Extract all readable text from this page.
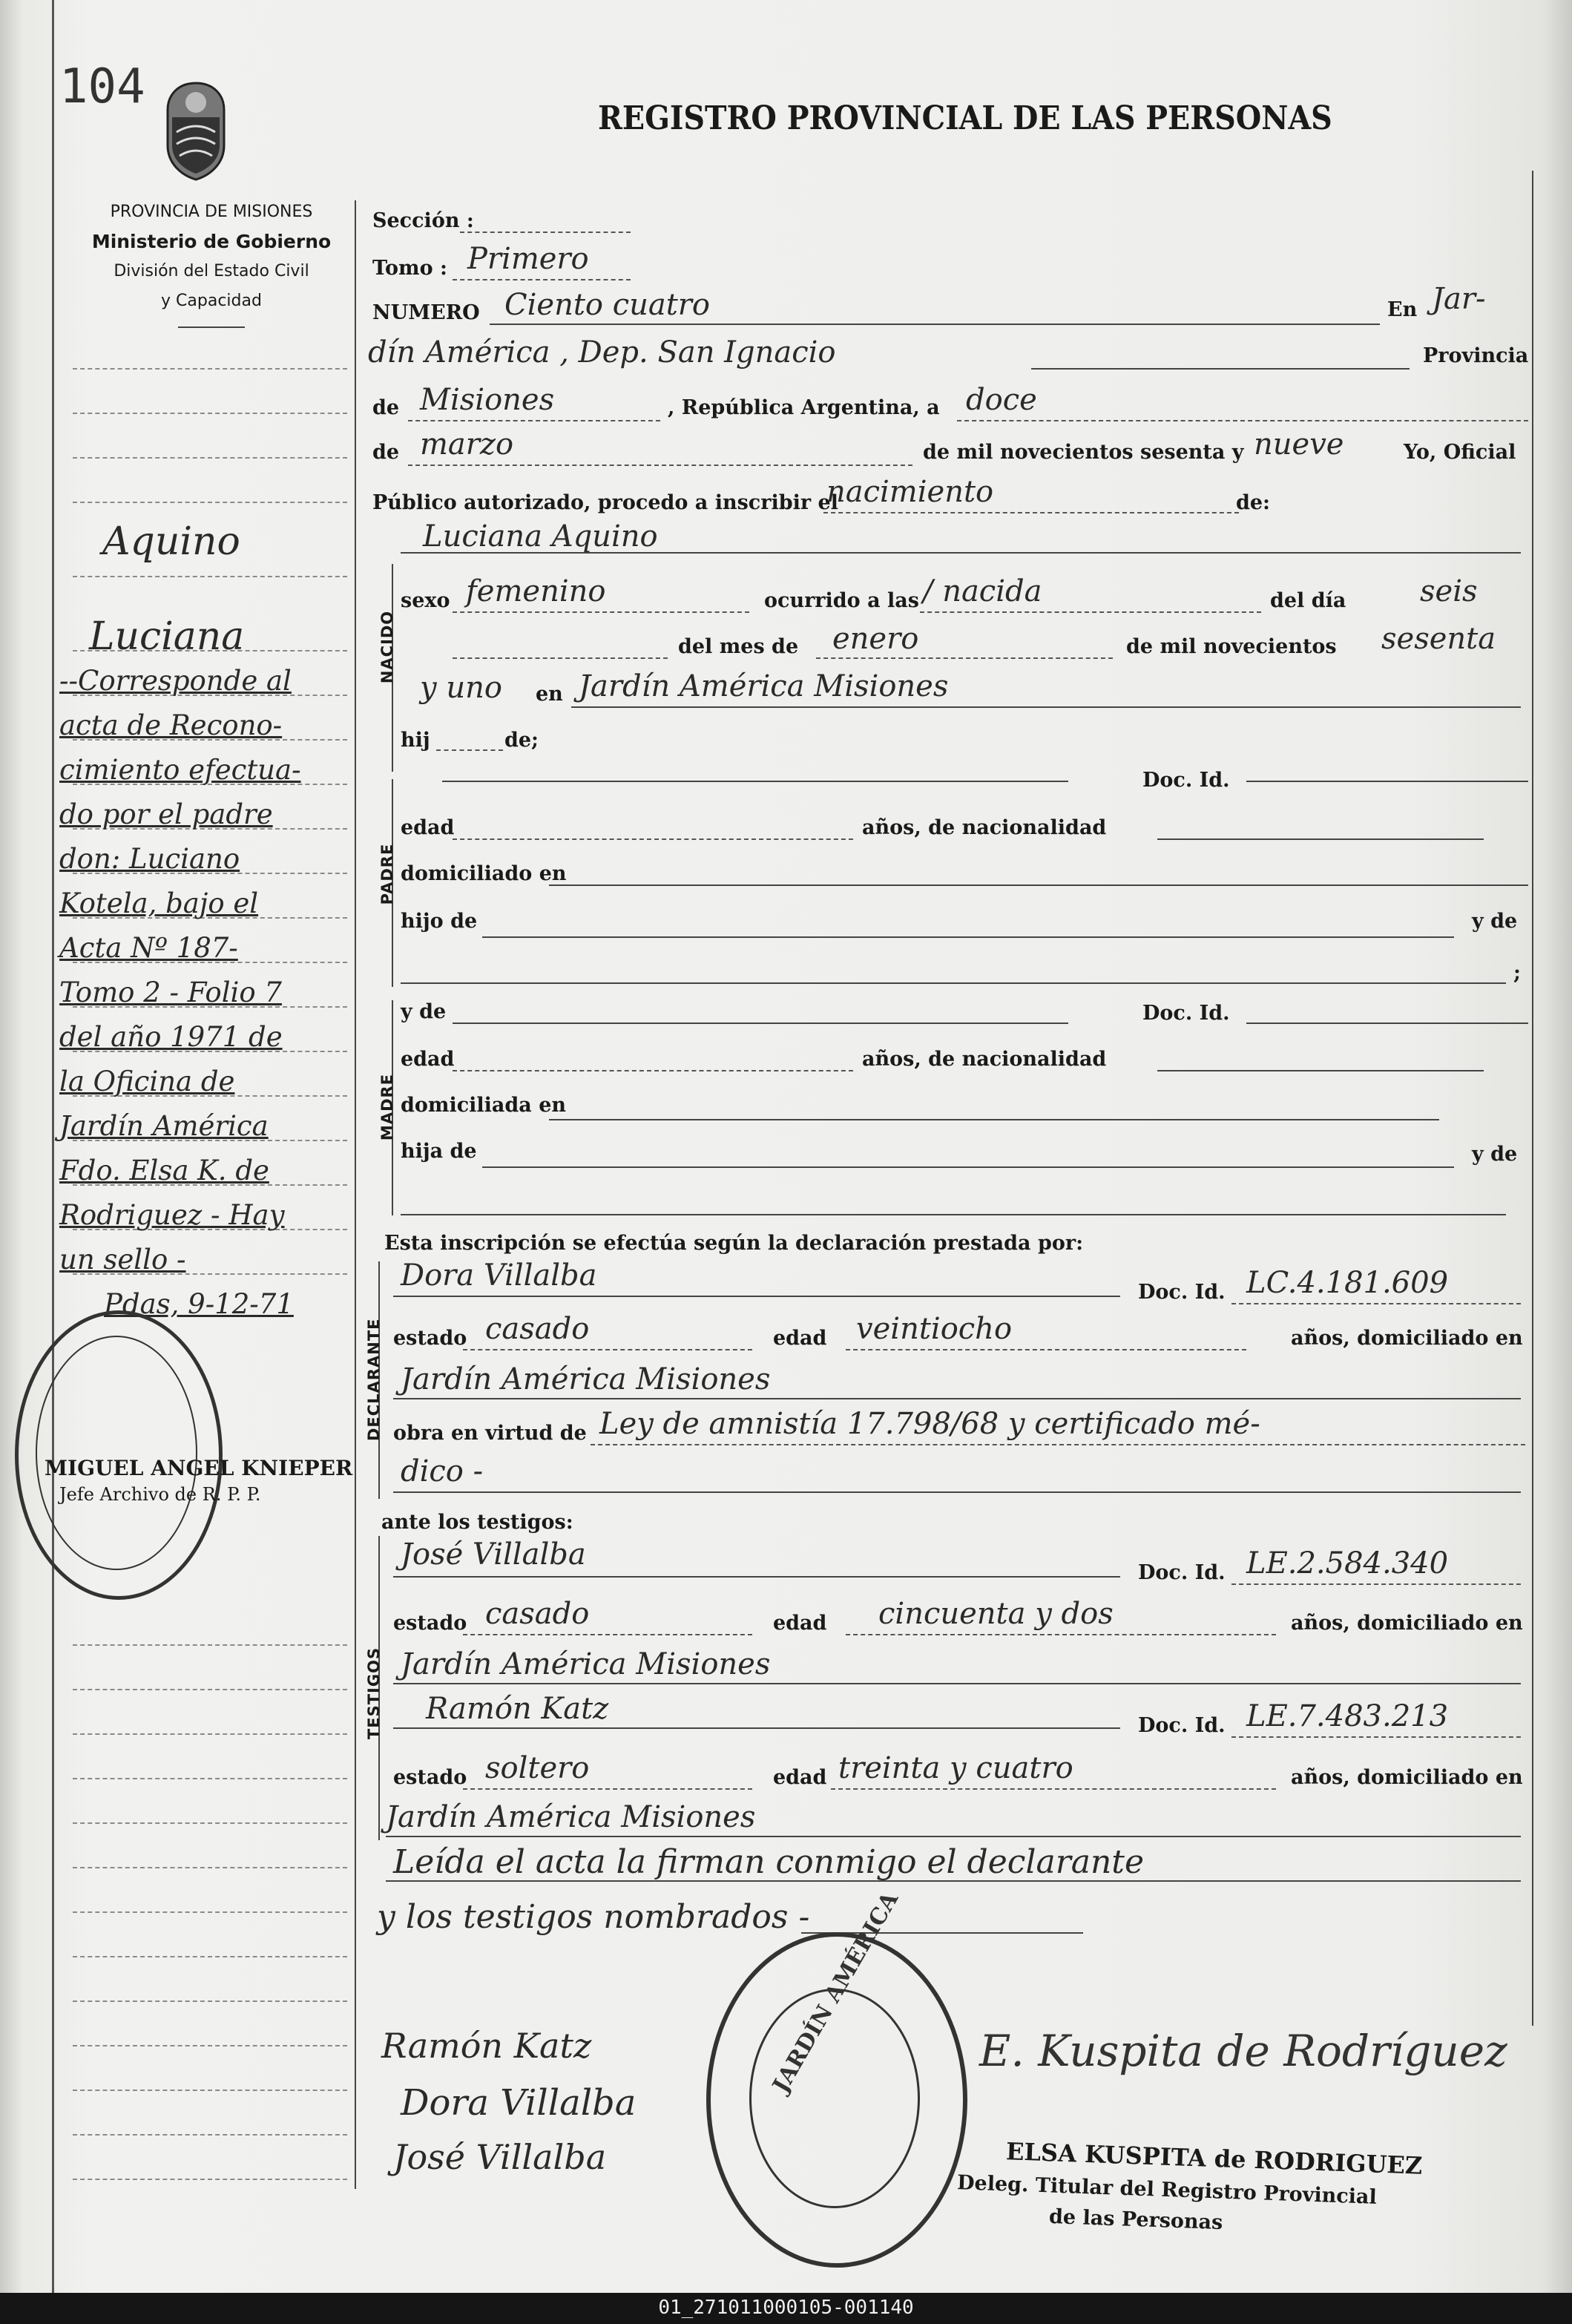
104
REGISTRO PROVINCIAL DE LAS PERSONAS
PROVINCIA DE MISIONES
Ministerio de Gobierno
División del Estado Civil
y Capacidad
Aquino
Luciana
--Corresponde al
acta de Recono-
cimiento efectua-
do por el padre
don: Luciano
Kotela, bajo el
Acta Nº 187-
Tomo 2 - Folio 7
del año 1971 de
la Oficina de
Jardín América
Fdo. Elsa K. de
Rodriguez - Hay
un sello -
Pdas, 9-12-71
MIGUEL ANGEL KNIEPER
Jefe Archivo de R. P. P.
Sección :
Tomo : Primero
NUMERO Ciento cuatro	En Jar-
dín América , Dep. San Ignacio	Provincia
de Misiones	, República Argentina, a doce
de marzo	de mil novecientos sesenta y nueve	Yo, Oficial
Público autorizado, procedo a inscribir el
nacimiento	de:
Luciana Aquino
NACIDO
sexo femenino	ocurrido a las / nacida	del día seis
del mes de enero	de mil novecientos sesenta
y uno en Jardín América Misiones
hij	de;
PADRE
Doc. Id.
edad	años, de nacionalidad
domiciliado en
hijo de	y de
;
MADRE
y de	Doc. Id.
edad	años, de nacionalidad
domiciliada en
hija de	y de
Esta inscripción se efectúa según la declaración prestada por:
DECLARANTE
Dora Villalba	Doc. Id. LC.4.181.609
estado casado	edad veintiocho	años, domiciliado en
Jardín América Misiones
obra en virtud de Ley de amnistía 17.798/68 y certificado mé-
dico -
ante los testigos:
TESTIGOS
José Villalba
Doc. Id. LE.2.584.340
estado casado	edad cincuenta y dos	años, domiciliado en
Jardín América Misiones
Ramón Katz	Doc. Id. LE.7.483.213
estado soltero	edad treinta y cuatro	años, domiciliado en
Jardín América Misiones
Leída el acta la firman conmigo el declarante
y los testigos nombrados -
Ramón Katz
Dora Villalba
José Villalba
JARDÍN AMÉRICA E. Kuspita de Rodríguez
ELSA KUSPITA de RODRIGUEZ
Deleg. Titular del Registro Provincial
de las Personas
01_271011000105-001140
